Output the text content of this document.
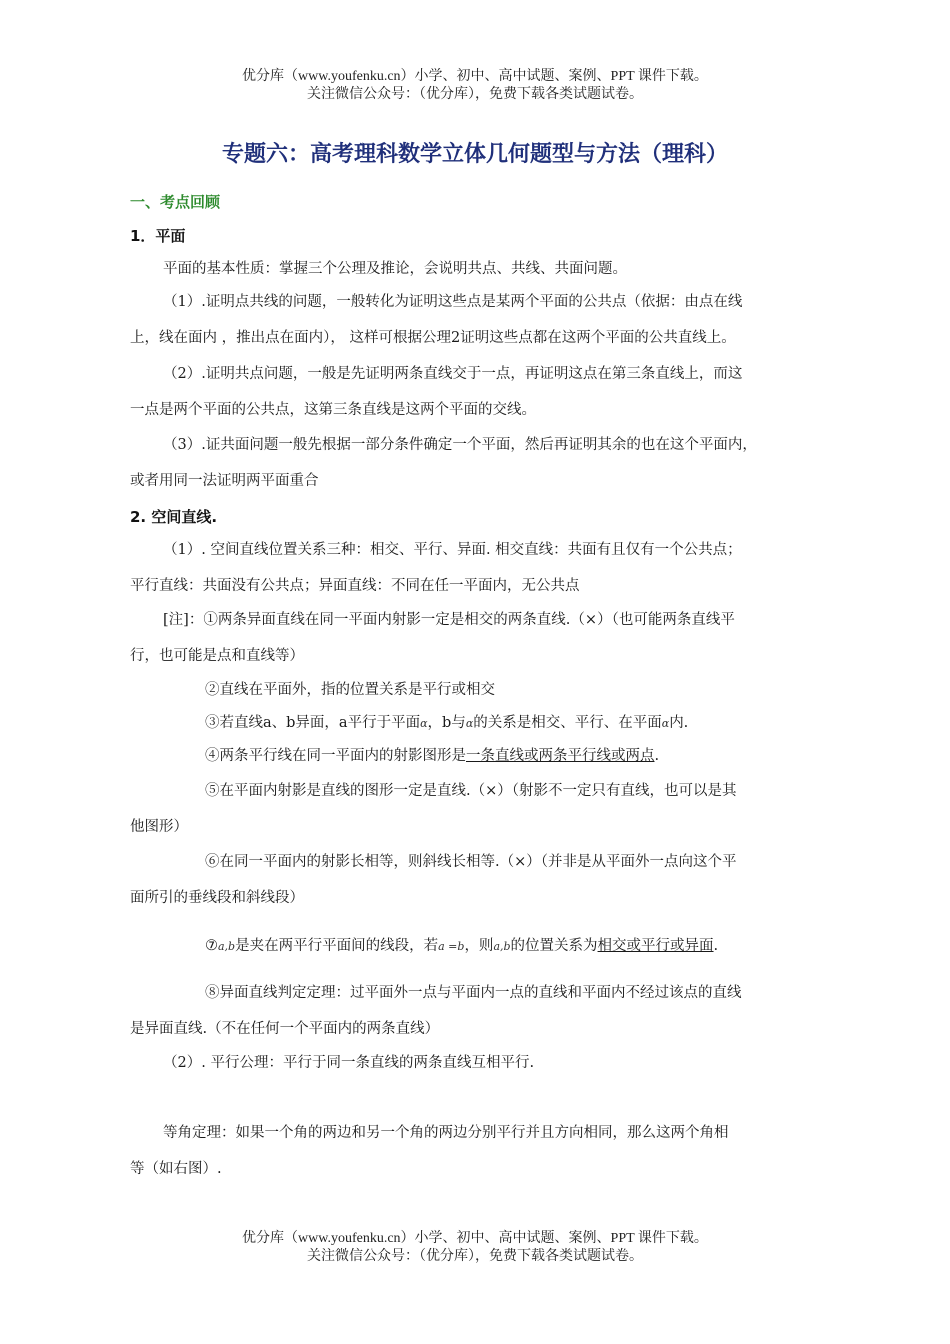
优分库（www.youfenku.cn）小学、初中、高中试题、案例、PPT 课件下载。
关注微信公众号：（优分库），免费下载各类试题试卷。
专题六：高考理科数学立体几何题型与方法（理科）
一、考点回顾
1．平面
平面的基本性质：掌握三个公理及推论，会说明共点、共线、共面问题。
（1）.证明点共线的问题，一般转化为证明这些点是某两个平面的公共点（依据：由点在线
上，线在面内 ，推出点在面内）， 这样可根据公理2证明这些点都在这两个平面的公共直线上。
（2）.证明共点问题，一般是先证明两条直线交于一点，再证明这点在第三条直线上，而这
一点是两个平面的公共点，这第三条直线是这两个平面的交线。
（3）.证共面问题一般先根据一部分条件确定一个平面，然后再证明其余的也在这个平面内，
或者用同一法证明两平面重合
2. 空间直线.
（1）. 空间直线位置关系三种：相交、平行、异面. 相交直线：共面有且仅有一个公共点；
平行直线：共面没有公共点；异面直线：不同在任一平面内，无公共点
[注]：①两条异面直线在同一平面内射影一定是相交的两条直线.（×）（也可能两条直线平
行，也可能是点和直线等）
②直线在平面外，指的位置关系是平行或相交
③若直线a、b异面，a平行于平面α，b与α的关系是相交、平行、在平面α内.
④两条平行线在同一平面内的射影图形是一条直线或两条平行线或两点.
⑤在平面内射影是直线的图形一定是直线.（×）（射影不一定只有直线，也可以是其
他图形）
⑥在同一平面内的射影长相等，则斜线长相等.（×）（并非是从平面外一点向这个平
面所引的垂线段和斜线段）
⑦a,b是夹在两平行平面间的线段，若a =b，则a,b的位置关系为相交或平行或异面.
⑧异面直线判定定理：过平面外一点与平面内一点的直线和平面内不经过该点的直线
是异面直线.（不在任何一个平面内的两条直线）
（2）. 平行公理：平行于同一条直线的两条直线互相平行.
等角定理：如果一个角的两边和另一个角的两边分别平行并且方向相同，那么这两个角相
等（如右图）.
优分库（www.youfenku.cn）小学、初中、高中试题、案例、PPT 课件下载。
关注微信公众号：（优分库），免费下载各类试题试卷。
